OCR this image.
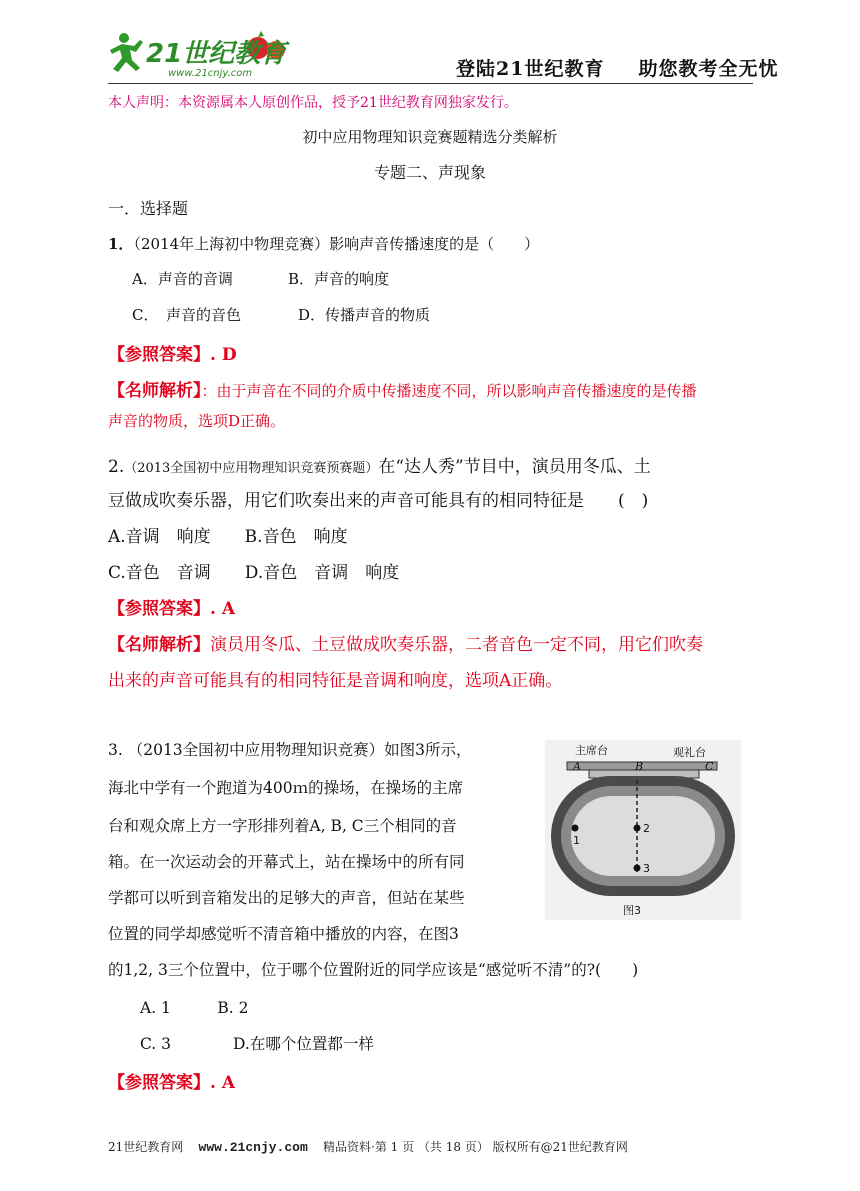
21世纪教育
www.21cnjy.com	登陆21世纪教育 助您教考全无忧
本人声明：本资源属本人原创作品，授予21世纪教育网独家发行。
初中应用物理知识竞赛题精选分类解析
专题二、声现象
一．选择题
1．（2014年上海初中物理竞赛）影响声音传播速度的是（　　）
A．声音的音调	B．声音的响度
C．　声音的音色	D．传播声音的物质
【参照答案】. D
【名师解析】：由于声音在不同的介质中传播速度不同，所以影响声音传播速度的是传播
声音的物质，选项D正确。
2.（2013全国初中应用物理知识竞赛预赛题）在“达人秀”节目中，演员用冬瓜、土
豆做成吹奏乐器，用它们吹奏出来的声音可能具有的相同特征是　　(　)
A.音调　响度　　B.音色　响度
C.音色　音调　　D.音色　音调　响度
【参照答案】. A
【名师解析】演员用冬瓜、土豆做成吹奏乐器，二者音色一定不同，用它们吹奏
出来的声音可能具有的相同特征是音调和响度，选项A正确。
3. （2013全国初中应用物理知识竞赛）如图3所示，
海北中学有一个跑道为400ｍ的操场，在操场的主席
台和观众席上方一字形排列着A, B, C三个相同的音
箱。在一次运动会的开幕式上，站在操场中的所有同
学都可以听到音箱发出的足够大的声音，但站在某些
位置的同学却感觉听不清音箱中播放的内容，在图3
的1,2, 3三个位置中，位于哪个位置附近的同学应该是“感觉听不清”的?(　　)
A. 1　　　B. 2
C. 3　　　　D.在哪个位置都一样
【参照答案】. A
主席台	观礼台
A	B	C
1
2
3
图3
21世纪教育网 www.21cnjy.com 精品资料·第 1 页 （共 18 页） 版权所有@21世纪教育网
